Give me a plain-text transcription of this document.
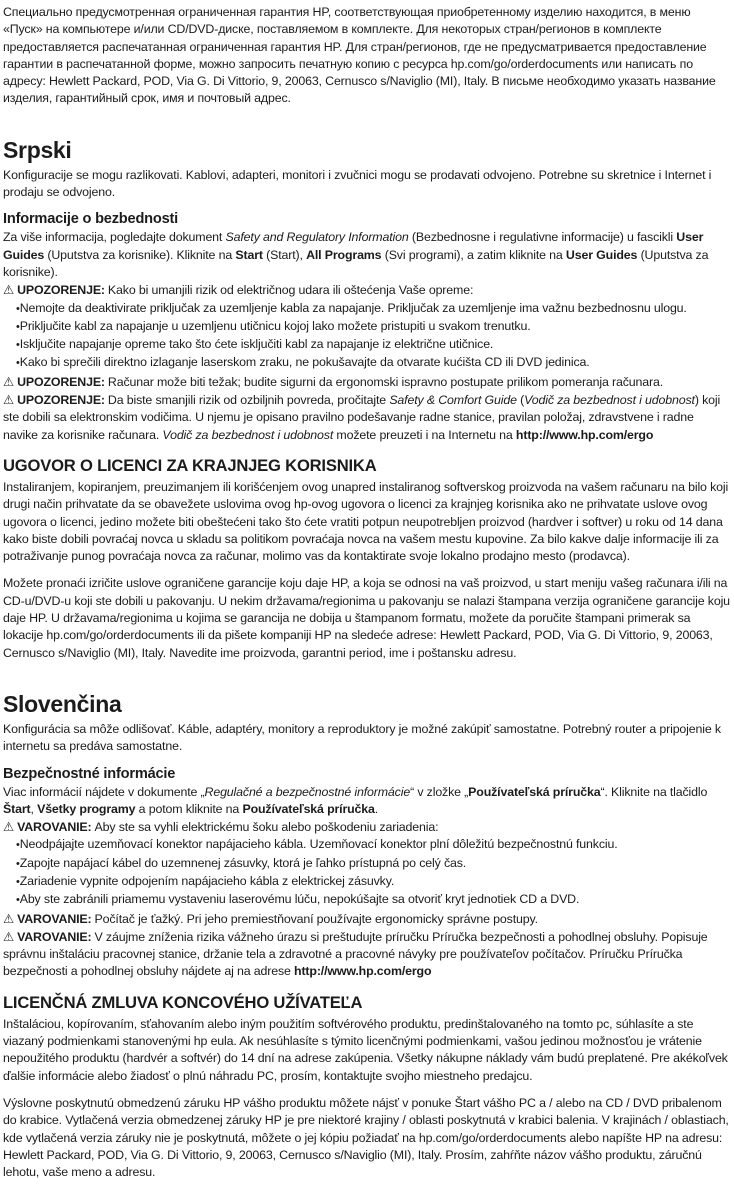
Специально предусмотренная ограниченная гарантия HP, соответствующая приобретенному изделию находится, в меню «Пуск» на компьютере и/или CD/DVD-диске, поставляемом в комплекте. Для некоторых стран/регионов в комплекте предоставляется распечатанная ограниченная гарантия HP. Для стран/регионов, где не предусматривается предоставление гарантии в распечатанной форме, можно запросить печатную копию с ресурса hp.com/go/orderdocuments или написать по адресу: Hewlett Packard, POD, Via G. Di Vittorio, 9, 20063, Cernusco s/Naviglio (MI), Italy. В письме необходимо указать название изделия, гарантийный срок, имя и почтовый адрес.

Srpski

Konfiguracije se mogu razlikovati. Kablovi, adapteri, monitori i zvučnici mogu se prodavati odvojeno. Potrebne su skretnice i Internet i prodaju se odvojeno.

Informacije o bezbednosti

Za više informacija, pogledajte dokument Safety and Regulatory Information (Bezbednosne i regulativne informacije) u fascikli User Guides (Uputstva za korisnike). Kliknite na Start (Start), All Programs (Svi programi), a zatim kliknite na User Guides (Uputstva za korisnike).

⚠ UPOZORENJE: Kako bi umanjili rizik od električnog udara ili oštećenja Vaše opreme:

• Nemojte da deaktivirate priključak za uzemljenje kabla za napajanje. Priključak za uzemljenje ima važnu bezbednosnu ulogu.
• Priključite kabl za napajanje u uzemljenu utičnicu kojoj lako možete pristupiti u svakom trenutku.
• Isključite napajanje opreme tako što ćete isključiti kabl za napajanje iz električne utičnice.
• Kako bi sprečili direktno izlaganje laserskom zraku, ne pokušavajte da otvarate kućišta CD ili DVD jedinica.

⚠ UPOZORENJE: Računar može biti težak; budite sigurni da ergonomski ispravno postupate prilikom pomeranja računara.

⚠ UPOZORENJE: Da biste smanjili rizik od ozbiljnih povreda, pročitajte Safety & Comfort Guide (Vodič za bezbednost i udobnost) koji ste dobili sa elektronskim vodičima. U njemu je opisano pravilno podešavanje radne stanice, pravilan položaj, zdravstvene i radne navike za korisnike računara. Vodič za bezbednost i udobnost možete preuzeti i na Internetu na http://www.hp.com/ergo

UGOVOR O LICENCI ZA KRAJNJEG KORISNIKA

Instaliranjem, kopiranjem, preuzimanjem ili korišćenjem ovog unapred instaliranog softverskog proizvoda na vašem računaru na bilo koji drugi način prihvatate da se obavežete uslovima ovog hp-ovog ugovora o licenci za krajnjeg korisnika ako ne prihvatate uslove ovog ugovora o licenci, jedino možete biti obeštećeni tako što ćete vratiti potpun neupotrebljen proizvod (hardver i softver) u roku od 14 dana kako biste dobili povraćaj novca u skladu sa politikom povraćaja novca na vašem mestu kupovine. Za bilo kakve dalje informacije ili za potraživanje punog povraćaja novca za računar, molimo vas da kontaktirate svoje lokalno prodajno mesto (prodavca).

Možete pronaći izričite uslove ograničene garancije koju daje HP, a koja se odnosi na vaš proizvod, u start meniju vašeg računara i/ili na CD-u/DVD-u koji ste dobili u pakovanju. U nekim državama/regionima u pakovanju se nalazi štampana verzija ograničene garancije koju daje HP. U državama/regionima u kojima se garancija ne dobija u štampanom formatu, možete da poručite štampani primerak sa lokacije hp.com/go/orderdocuments ili da pišete kompaniji HP na sledeće adrese: Hewlett Packard, POD, Via G. Di Vittorio, 9, 20063, Cernusco s/Naviglio (MI), Italy. Navedite ime proizvoda, garantni period, ime i poštansku adresu.

Slovenčina

Konfigurácia sa môže odlišovať. Káble, adaptéry, monitory a reproduktory je možné zakúpiť samostatne. Potrebný router a pripojenie k internetu sa predáva samostatne.

Bezpečnostné informácie

Viac informácií nájdete v dokumente „Regulačné a bezpečnostné informácie“ v zložke „Používateľská príručka“. Kliknite na tlačidlo Štart, Všetky programy a potom kliknite na Používateľská príručka.

⚠ VAROVANIE: Aby ste sa vyhli elektrickému šoku alebo poškodeniu zariadenia:

• Neodpájajte uzemňovací konektor napájacieho kábla. Uzemňovací konektor plní dôležitú bezpečnostnú funkciu.
• Zapojte napájací kábel do uzemnenej zásuvky, ktorá je ľahko prístupná po celý čas.
• Zariadenie vypnite odpojením napájacieho kábla z elektrickej zásuvky.
• Aby ste zabránili priamemu vystaveniu laserovému lúču, nepokúšajte sa otvoriť kryt jednotiek CD a DVD.

⚠ VAROVANIE: Počítač je ťažký. Pri jeho premiestňovaní používajte ergonomicky správne postupy.

⚠ VAROVANIE: V záujme zníženia rizika vážneho úrazu si preštudujte príručku Príručka bezpečnosti a pohodlnej obsluhy. Popisuje správnu inštaláciu pracovnej stanice, držanie tela a zdravotné a pracovné návyky pre používateľov počítačov. Príručku Príručka bezpečnosti a pohodlnej obsluhy nájdete aj na adrese http://www.hp.com/ergo

LICENČNÁ ZMLUVA KONCOVÉHO UŽÍVATEĽA

Inštaláciou, kopírovaním, sťahovaním alebo iným použitím softvérového produktu, predinštalovaného na tomto pc, súhlasíte a ste viazaný podmienkami stanovenými hp eula. Ak nesúhlasíte s týmito licenčnými podmienkami, vašou jedinou možnosťou je vrátenie nepoužitého produktu (hardvér a softvér) do 14 dní na adrese zakúpenia. Všetky nákupne náklady vám budú preplatené. Pre akékoľvek ďalšie informácie alebo žiadosť o plnú náhradu PC, prosím, kontaktujte svojho miestneho predajcu.

Výslovne poskytnutú obmedzenú záruku HP vášho produktu môžete nájsť v ponuke Štart vášho PC a / alebo na CD / DVD pribalenom do krabice. Vytlačená verzia obmedzenej záruky HP je pre niektoré krajiny / oblasti poskytnutá v krabici balenia. V krajinách / oblastiach, kde vytlačená verzia záruky nie je poskytnutá, môžete o jej kópiu požiadať na hp.com/go/orderdocuments alebo napíšte HP na adresu: Hewlett Packard, POD, Via G. Di Vittorio, 9, 20063, Cernusco s/Naviglio (MI), Italy. Prosím, zahŕňte názov vášho produktu, záručnú lehotu, vaše meno a adresu.
